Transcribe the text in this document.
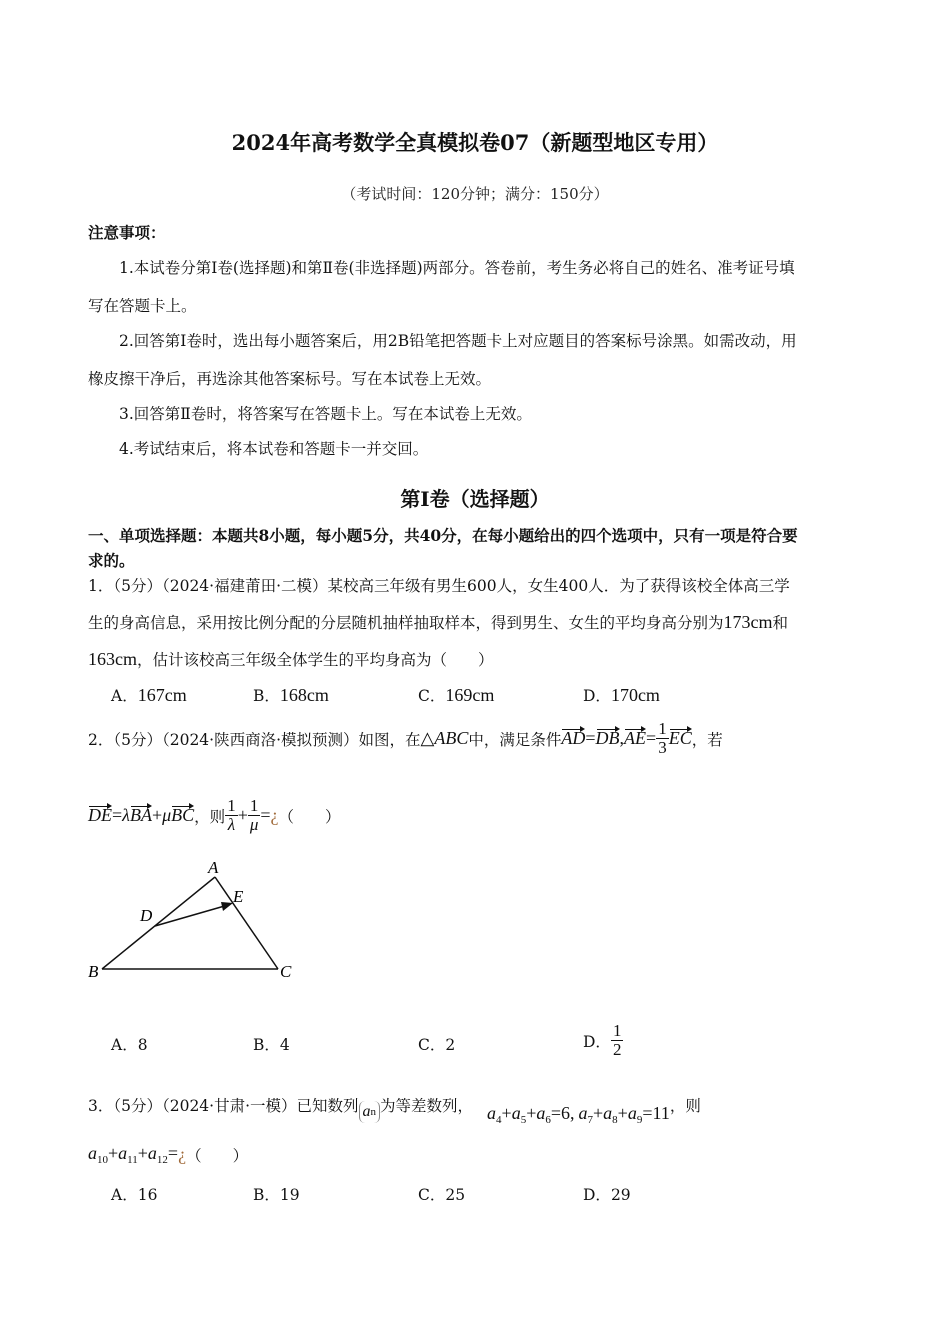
2024年高考数学全真模拟卷07（新题型地区专用）
（考试时间：120分钟；满分：150分）
注意事项：
1.本试卷分第Ⅰ卷(选择题)和第Ⅱ卷(非选择题)两部分。答卷前，考生务必将自己的姓名、准考证号填
写在答题卡上。
2.回答第Ⅰ卷时，选出每小题答案后，用2B铅笔把答题卡上对应题目的答案标号涂黑。如需改动，用
橡皮擦干净后，再选涂其他答案标号。写在本试卷上无效。
3.回答第Ⅱ卷时，将答案写在答题卡上。写在本试卷上无效。
4.考试结束后，将本试卷和答题卡一并交回。
第Ⅰ卷（选择题）
一、单项选择题：本题共8小题，每小题5分，共40分，在每小题给出的四个选项中，只有一项是符合要
求的。
1．（5分）（2024·福建莆田·二模）某校高三年级有男生600人，女生400人．为了获得该校全体高三学
生的身高信息，采用按比例分配的分层随机抽样抽取样本，得到男生、女生的平均身高分别为173cm和
163cm，估计该校高三年级全体学生的平均身高为（　　）
A．167cm	B．168cm	C．169cm	D．170cm
2．（5分）（2024·陕西商洛·模拟预测）如图，在 △ ABC 中，满足条件 AD = DB , AE = $\frac{1}{3}$ EC ，若
DE = λ BA + μ BC ，则 $\frac{1}{\lambda} + \frac{1}{\mu}$ = ¿ （　　）
A
E
D
B	C
A．8	B．4	C．2	D． $\frac{1}{2}$
3．（5分）（2024·甘肃·一模）已知数列 a n 为等差数列， $a_4+a_5+a_6=6$, $a_7+a_8+a_9=11$ ，则
$a_{10}+a_{11}+a_{12}=$ ¿ （　　）
A．16	B．19	C．25	D．29
